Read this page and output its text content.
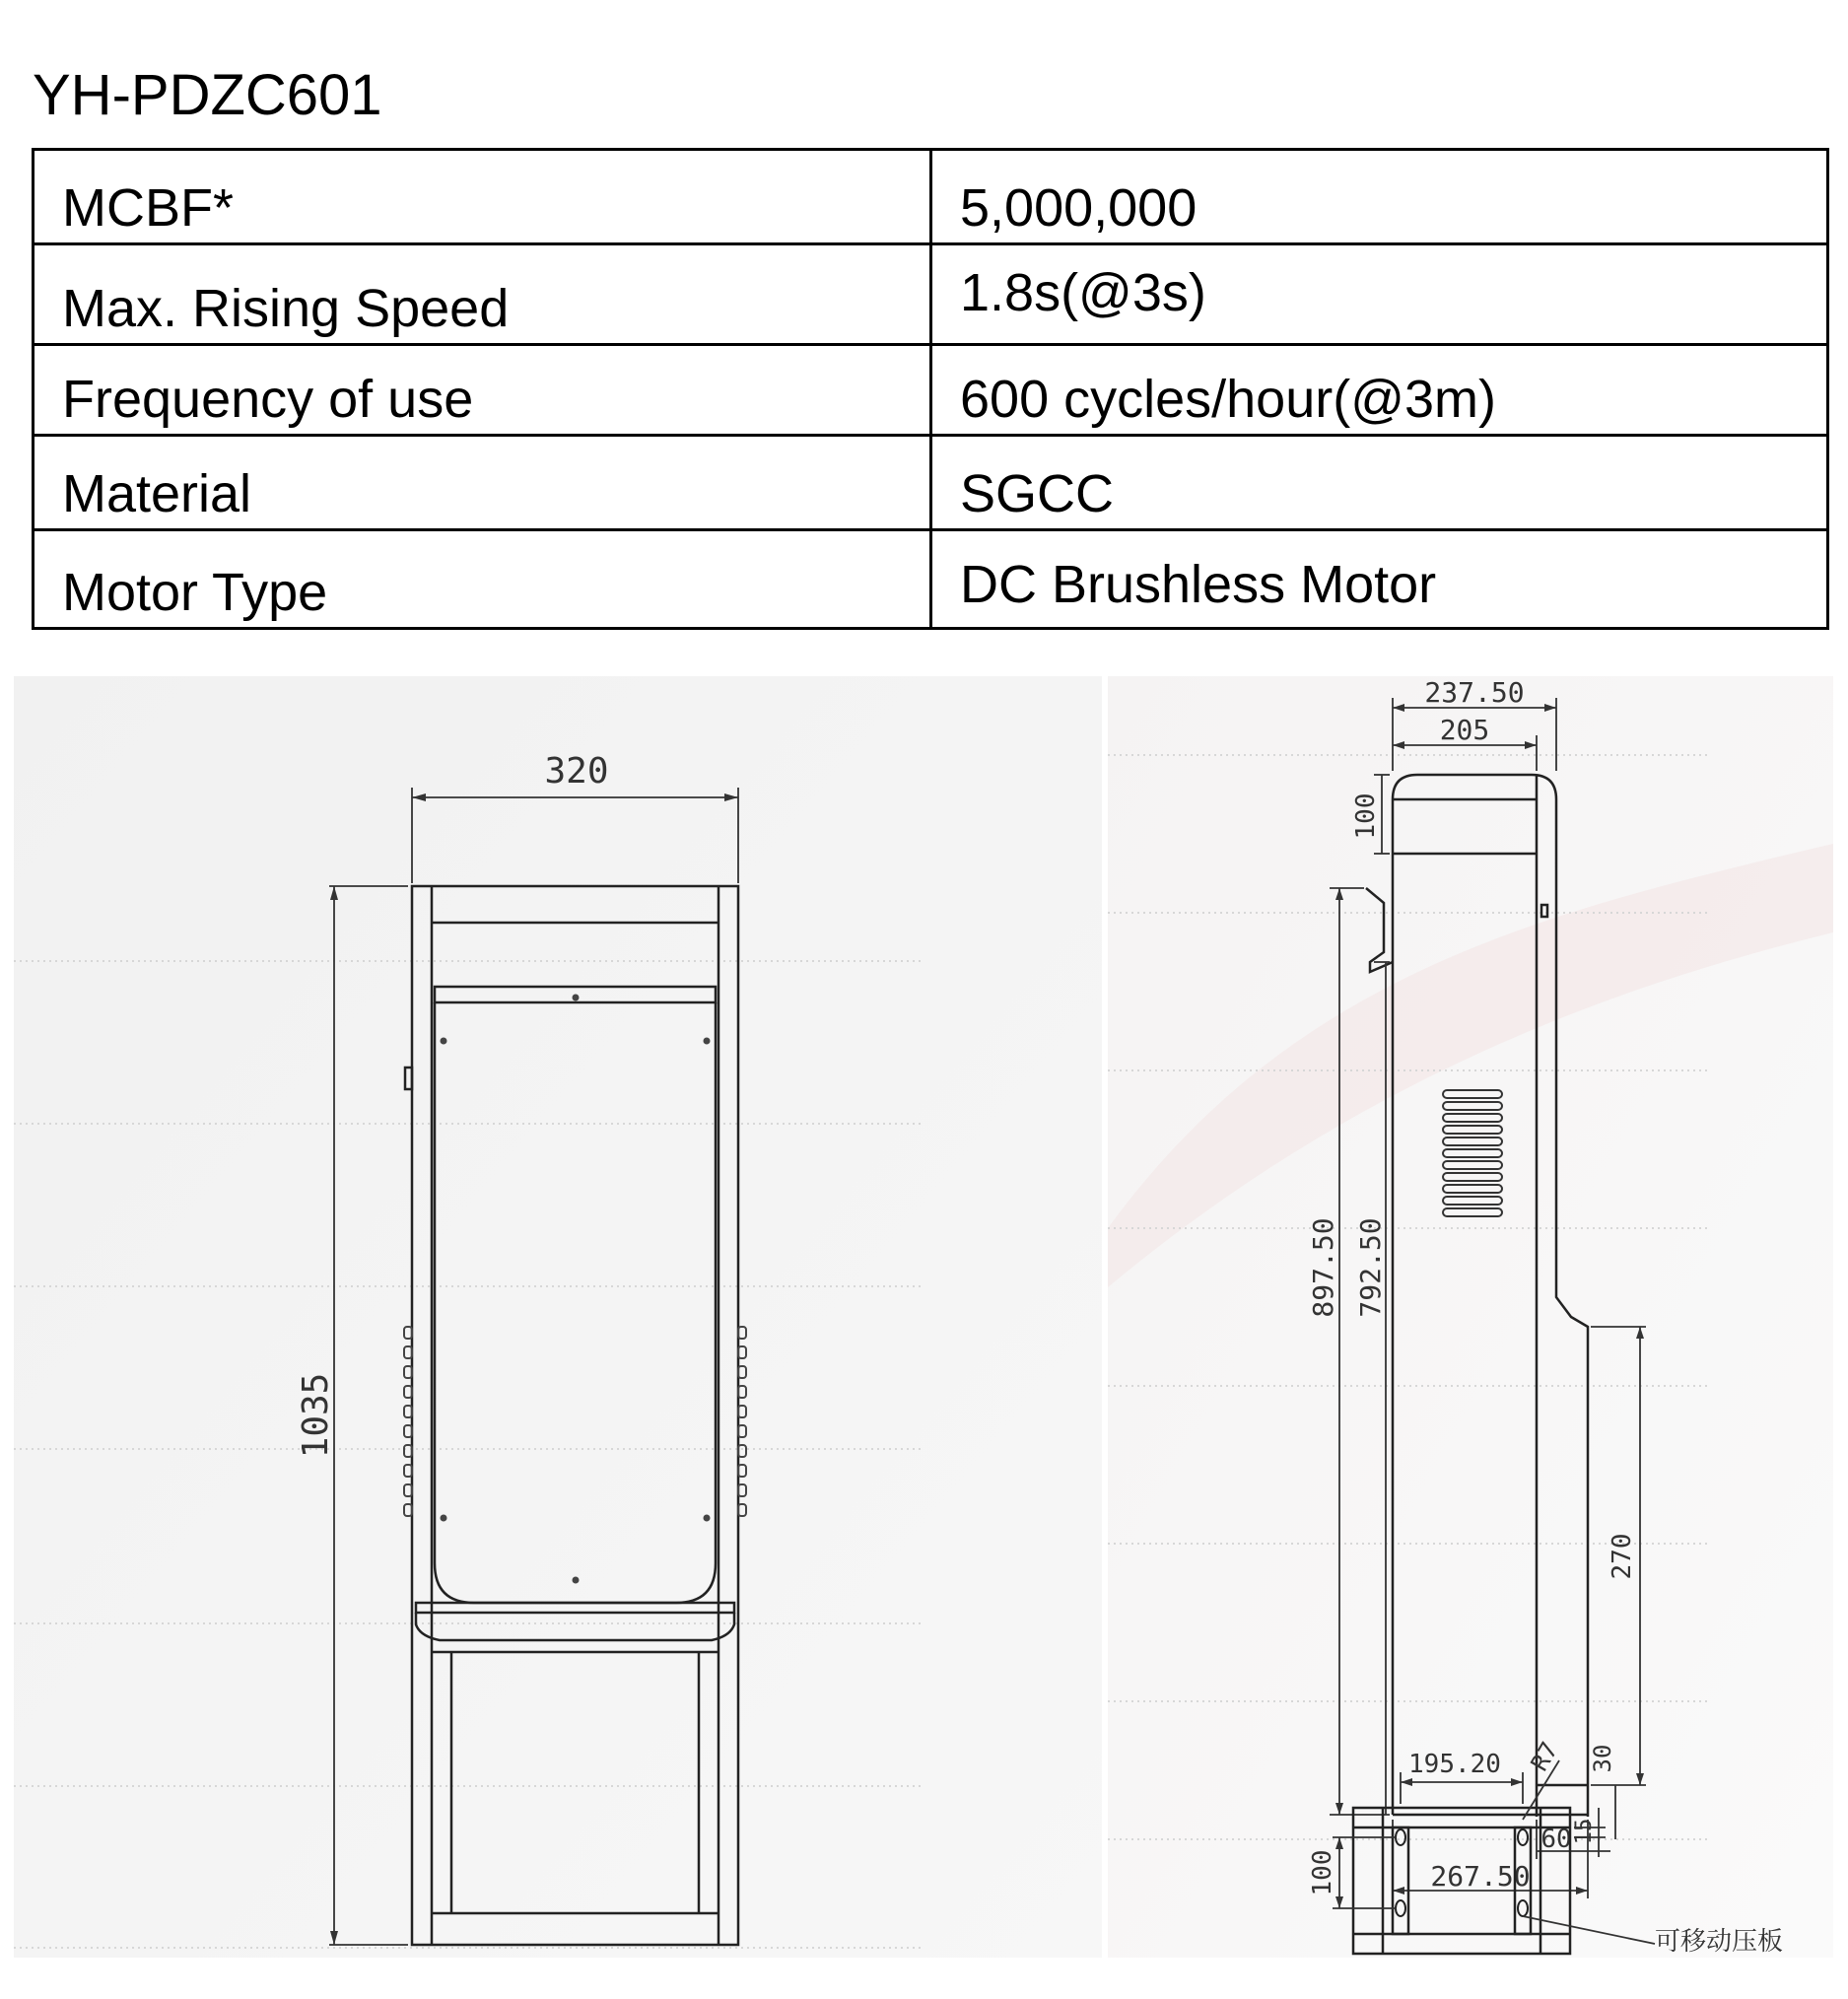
YH-PDZC601
MCBF*	5,000,000
Max. Rising Speed	1.8s(@3s)
Frequency of use	600 cycles/hour(@3m)
Material	SGCC
Motor Type	DC Brushless Motor
320
1035
237.50
205
100
897.50 792.50
270
30
60
267.50
195.20 R7
15
100
可移动压板
